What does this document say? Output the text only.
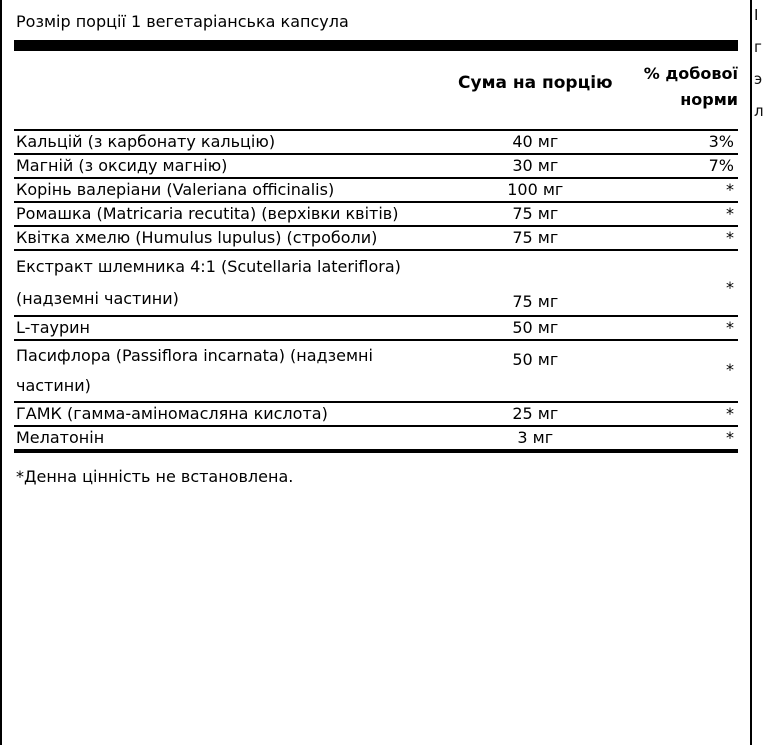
Розмір порції 1 вегетаріанська капсула
	Сума на порцію	% добової
норми

Кальцій (з карбонату кальцію)	40 мг	3%

Магній (з оксиду магнію)	30 мг	7%

Корінь валеріани (Valeriana officinalis)	100 мг	*

Ромашка (Matricaria recutita) (верхівки квітів)	75 мг	*

Квітка хмелю (Humulus lupulus) (строболи)	75 мг	*

Екстракт шлемника 4:1 (Scutellaria lateriflora) (надземні частини)	75 мг	*

L-таурин	50 мг	*

Пасифлора (Passiflora incarnata) (надземні частини)	50 мг	*

ГАМК (гамма-аміномасляна кислота)	25 мг	*

Мелатонін	3 мг	*
*Денна цінність не встановлена.
І
г
э
л
